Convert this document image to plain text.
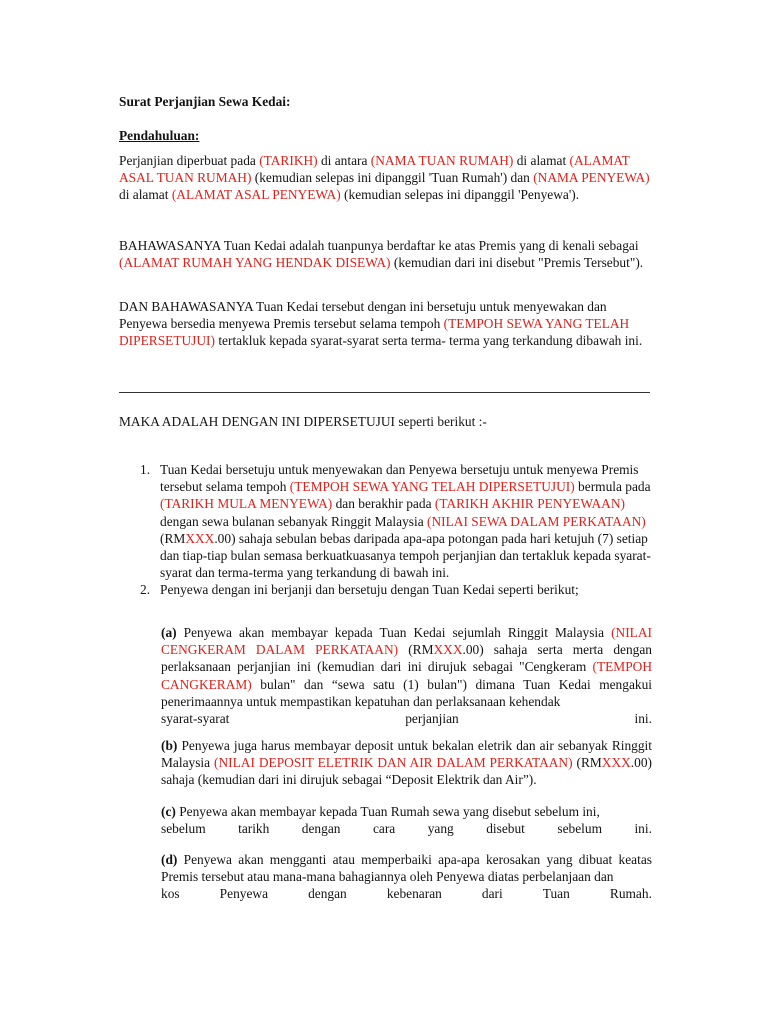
Surat Perjanjian Sewa Kedai:
Pendahuluan:
Perjanjian diperbuat pada (TARIKH) di antara (NAMA TUAN RUMAH) di alamat (ALAMAT ASAL TUAN RUMAH) (kemudian selepas ini dipanggil 'Tuan Rumah') dan (NAMA PENYEWA) di alamat (ALAMAT ASAL PENYEWA) (kemudian selepas ini dipanggil 'Penyewa').
BAHAWASANYA Tuan Kedai adalah tuanpunya berdaftar ke atas Premis yang di kenali sebagai (ALAMAT RUMAH YANG HENDAK DISEWA) (kemudian dari ini disebut "Premis Tersebut").
DAN BAHAWASANYA Tuan Kedai tersebut dengan ini bersetuju untuk menyewakan dan Penyewa bersedia menyewa Premis tersebut selama tempoh (TEMPOH SEWA YANG TELAH DIPERSETUJUI) tertakluk kepada syarat-syarat serta terma- terma yang terkandung dibawah ini.
MAKA ADALAH DENGAN INI DIPERSETUJUI seperti berikut :-
1. Tuan Kedai bersetuju untuk menyewakan dan Penyewa bersetuju untuk menyewa Premis tersebut selama tempoh (TEMPOH SEWA YANG TELAH DIPERSETUJUI) bermula pada (TARIKH MULA MENYEWA) dan berakhir pada (TARIKH AKHIR PENYEWAAN) dengan sewa bulanan sebanyak Ringgit Malaysia (NILAI SEWA DALAM PERKATAAN) (RMXXX.00) sahaja sebulan bebas daripada apa-apa potongan pada hari ketujuh (7) setiap dan tiap-tiap bulan semasa berkuatkuasanya tempoh perjanjian dan tertakluk kepada syarat-syarat dan terma-terma yang terkandung di bawah ini.
2. Penyewa dengan ini berjanji dan bersetuju dengan Tuan Kedai seperti berikut;
(a) Penyewa akan membayar kepada Tuan Kedai sejumlah Ringgit Malaysia (NILAI CENGKERAM DALAM PERKATAAN) (RMXXX.00) sahaja serta merta dengan perlaksanaan perjanjian ini (kemudian dari ini dirujuk sebagai "Cengkeram (TEMPOH CANGKERAM) bulan" dan “sewa satu (1) bulan") dimana Tuan Kedai mengakui penerimaannya untuk mempastikan kepatuhan dan perlaksanaan kehendak
syarat-syarat	perjanjian	ini.
(b) Penyewa juga harus membayar deposit untuk bekalan eletrik dan air sebanyak Ringgit Malaysia (NILAI DEPOSIT ELETRIK DAN AIR DALAM PERKATAAN) (RMXXX.00) sahaja (kemudian dari ini dirujuk sebagai “Deposit Elektrik dan Air”).
(c) Penyewa akan membayar kepada Tuan Rumah sewa yang disebut sebelum ini,
sebelum tarikh dengan cara yang disebut sebelum ini.
(d) Penyewa akan mengganti atau memperbaiki apa-apa kerosakan yang dibuat keatas Premis tersebut atau mana-mana bahagiannya oleh Penyewa diatas perbelanjaan dan
kos	Penyewa	dengan	kebenaran	dari	Tuan	Rumah.
